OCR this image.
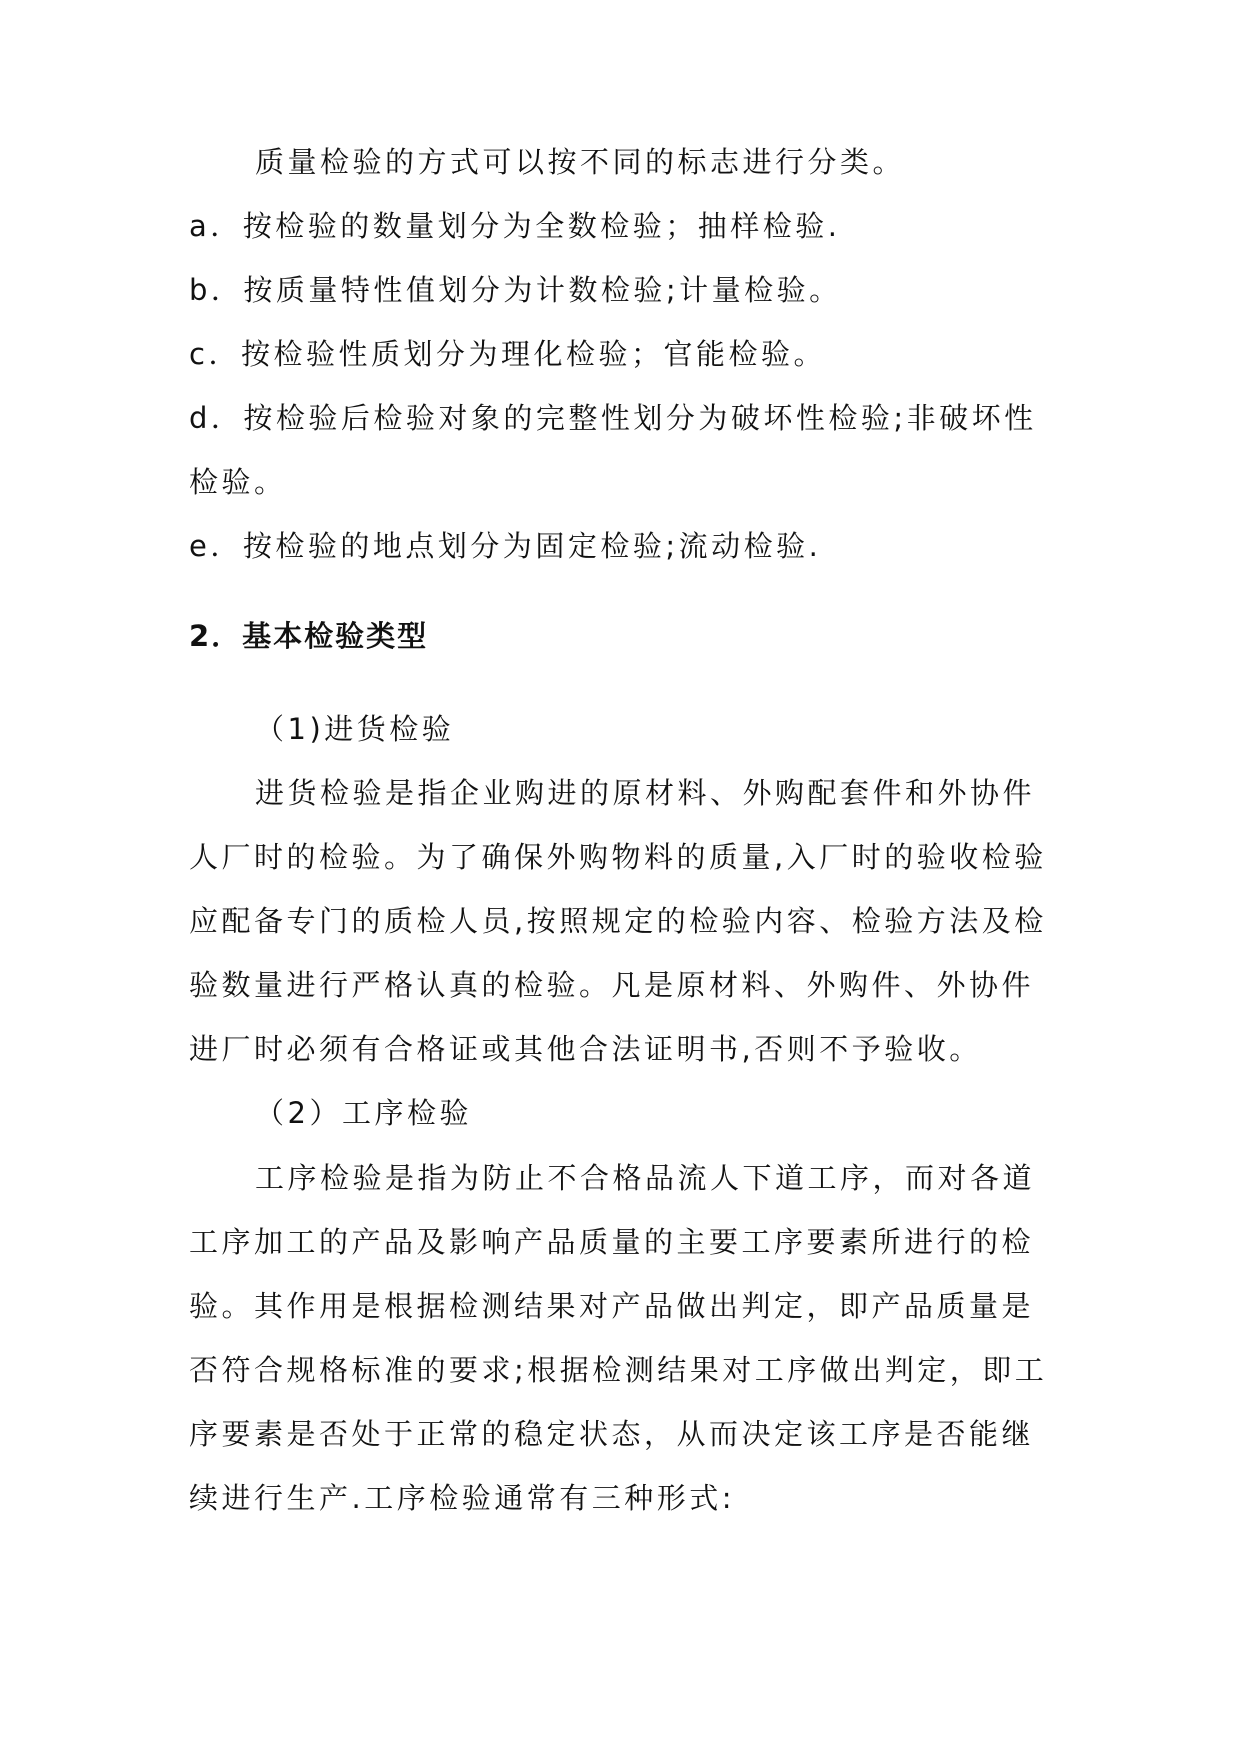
质量检验的方式可以按不同的标志进行分类。
a．按检验的数量划分为全数检验；抽样检验.
b．按质量特性值划分为计数检验;计量检验。
c．按检验性质划分为理化检验；官能检验。
d．按检验后检验对象的完整性划分为破坏性检验;非破坏性
检验。
e．按检验的地点划分为固定检验;流动检验.
2．基本检验类型
（1)进货检验
进货检验是指企业购进的原材料、外购配套件和外协件
人厂时的检验。为了确保外购物料的质量,入厂时的验收检验
应配备专门的质检人员,按照规定的检验内容、检验方法及检
验数量进行严格认真的检验。凡是原材料、外购件、外协件
进厂时必须有合格证或其他合法证明书,否则不予验收。
（2）工序检验
工序检验是指为防止不合格品流人下道工序，而对各道
工序加工的产品及影响产品质量的主要工序要素所进行的检
验。其作用是根据检测结果对产品做出判定，即产品质量是
否符合规格标准的要求;根据检测结果对工序做出判定，即工
序要素是否处于正常的稳定状态，从而决定该工序是否能继
续进行生产.工序检验通常有三种形式:
